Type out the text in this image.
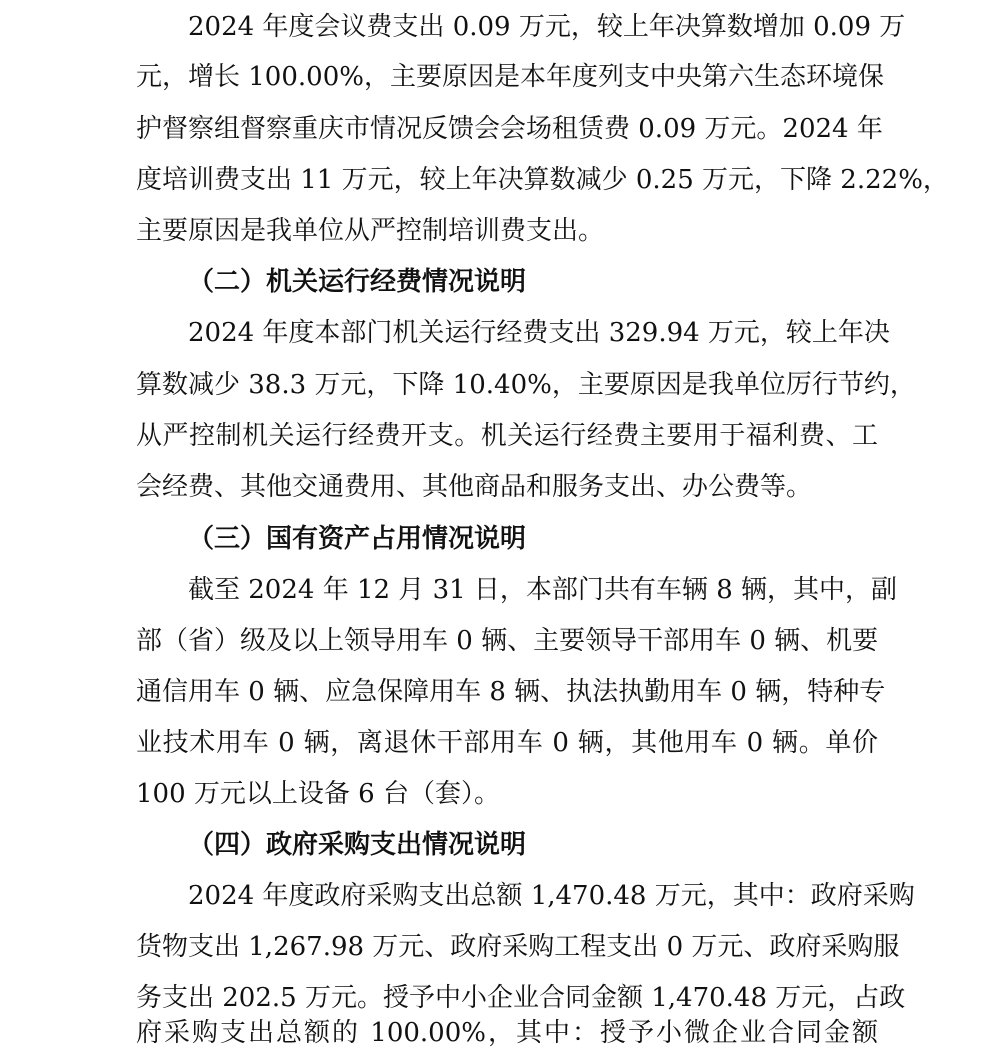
2024 年度会议费支出 0.09 万元，较上年决算数增加 0.09 万
元，增长 100.00%，主要原因是本年度列支中央第六生态环境保
护督察组督察重庆市情况反馈会会场租赁费 0.09 万元。2024 年
度培训费支出 11 万元，较上年决算数减少 0.25 万元，下降 2.22%，
主要原因是我单位从严控制培训费支出。
（二）机关运行经费情况说明
2024 年度本部门机关运行经费支出 329.94 万元，较上年决
算数减少 38.3 万元，下降 10.40%，主要原因是我单位厉行节约，
从严控制机关运行经费开支。机关运行经费主要用于福利费、工
会经费、其他交通费用、其他商品和服务支出、办公费等。
（三）国有资产占用情况说明
截至 2024 年 12 月 31 日，本部门共有车辆 8 辆，其中，副
部（省）级及以上领导用车 0 辆、主要领导干部用车 0 辆、机要
通信用车 0 辆、应急保障用车 8 辆、执法执勤用车 0 辆，特种专
业技术用车 0 辆，离退休干部用车 0 辆，其他用车 0 辆。单价
100 万元以上设备 6 台（套）。
（四）政府采购支出情况说明
2024 年度政府采购支出总额 1,470.48 万元，其中：政府采购
货物支出 1,267.98 万元、政府采购工程支出 0 万元、政府采购服
务支出 202.5 万元。授予中小企业合同金额 1,470.48 万元，占政
府采购支出总额的 100.00%，其中：授予小微企业合同金额
